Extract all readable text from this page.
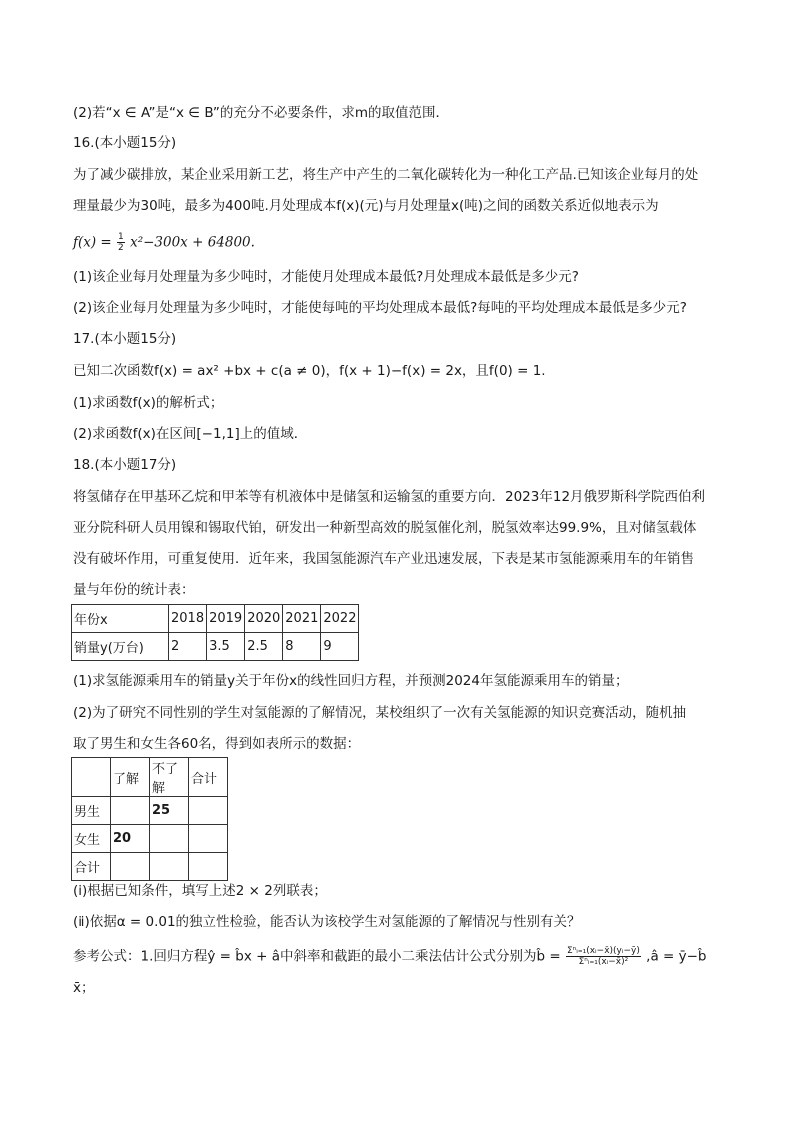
(2)若“x ∈ A”是“x ∈ B”的充分不必要条件，求m的取值范围．
16.(本小题15分)
为了减少碳排放，某企业采用新工艺，将生产中产生的二氧化碳转化为一种化工产品.已知该企业每月的处
理量最少为30吨，最多为400吨.月处理成本f(x)(元)与月处理量x(吨)之间的函数关系近似地表示为
$f(x) = \frac{1}{2} x^2-300x + 64800$.
(1)该企业每月处理量为多少吨时，才能使月处理成本最低?月处理成本最低是多少元?
(2)该企业每月处理量为多少吨时，才能使每吨的平均处理成本最低?每吨的平均处理成本最低是多少元?
17.(本小题15分)
已知二次函数f(x) = ax² +bx + c(a ≠ 0)，f(x + 1)−f(x) = 2x，且f(0) = 1.
(1)求函数f(x)的解析式；
(2)求函数f(x)在区间[−1,1]上的值域．
18.(本小题17分)
将氢储存在甲基环乙烷和甲苯等有机液体中是储氢和运输氢的重要方向．2023年12月俄罗斯科学院西伯利
亚分院科研人员用镍和锡取代铂，研发出一种新型高效的脱氢催化剂，脱氢效率达99.9%，且对储氢载体
没有破坏作用，可重复使用．近年来，我国氢能源汽车产业迅速发展，下表是某市氢能源乘用车的年销售
量与年份的统计表：
年份x	2018	2019	2020	2021	2022
销量y(万台)	2	3.5	2.5	8	9
(1)求氢能源乘用车的销量y关于年份x的线性回归方程，并预测2024年氢能源乘用车的销量；
(2)为了研究不同性别的学生对氢能源的了解情况，某校组织了一次有关氢能源的知识竞赛活动，随机抽
取了男生和女生各60名，得到如表所示的数据：
	了解	不了解	合计
男生		25	
女生	20		
合计			
(ⅰ)根据已知条件，填写上述2 × 2列联表；
(ⅱ)依据α = 0.01的独立性检验，能否认为该校学生对氢能源的了解情况与性别有关？
参考公式：1.回归方程ŷ = b̂x + â中斜率和截距的最小二乘法估计公式分别为b̂ = $\frac{\text{Σⁿᵢ₌₁(xᵢ−x̄)(yᵢ−ȳ)}}{\text{Σⁿᵢ₌₁(xᵢ−x̄)²}}$ ,â = ȳ−b̂
x̄；
